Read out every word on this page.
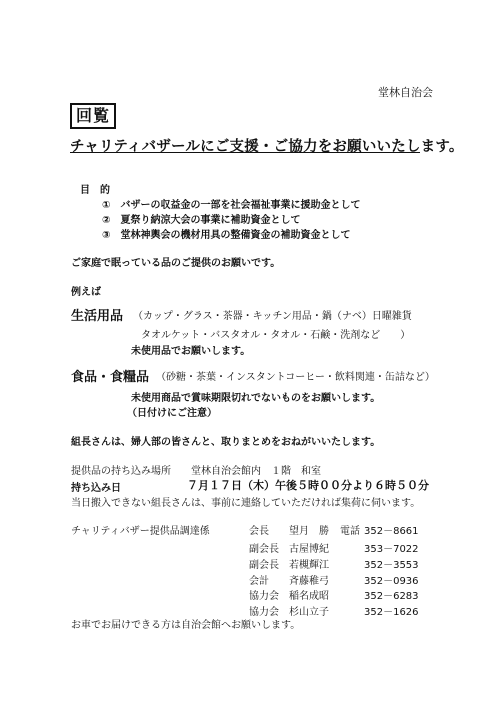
堂林自治会
回覧
チャリティバザールにご支援・ご協力をお願いいたします。
目　的
①　バザーの収益金の一部を社会福祉事業に援助金として
②　夏祭り納涼大会の事業に補助資金として
③　堂林神輿会の機材用具の整備資金の補助資金として
ご家庭で眠っている品のご提供のお願いです。
例えば
生活用品 （カップ・グラス・茶器・キッチン用品・鍋（ナベ）日曜雑貨
タオルケット・バスタオル・タオル・石鹸・洗剤など　　）
未使用品でお願いします。
食品・食糧品 （砂糖・茶葉・インスタントコーヒー・飲料関連・缶詰など）
未使用商品で賞味期限切れでないものをお願いします。
（日付けにご注意）
組長さんは、婦人部の皆さんと、取りまとめをおねがいいたします。
提供品の持ち込み場所　　堂林自治会館内　１階　和室
持ち込み日	７月１７日（木）午後５時００分より６時５０分
当日搬入できない組長さんは、事前に連絡していただければ集荷に伺います。
チャリティバザー提供品調達係	会長 望月　勝 電話 352－8661
副会長 古屋博紀	353－7022
副会長 若槻輝江	352－3553
会計 斉藤稚弓	352－0936
協力会 稲名成昭	352－6283
協力会 杉山立子	352－1626
お車でお届けできる方は自治会館へお願いします。
